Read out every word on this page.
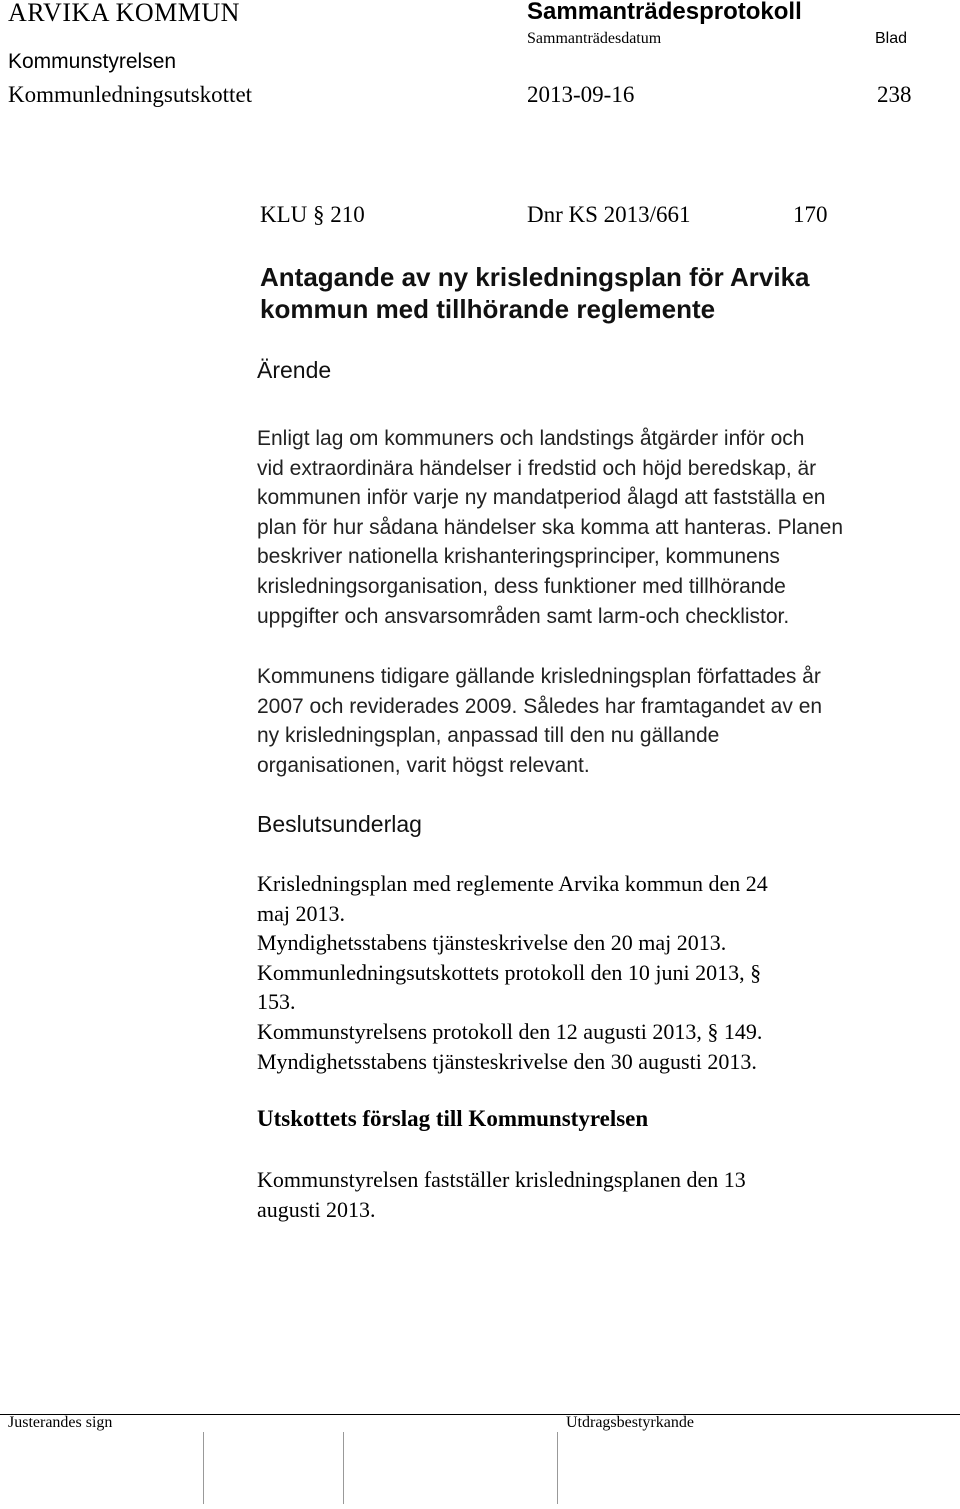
ARVIKA KOMMUN	Sammanträdesprotokoll
Sammanträdesdatum	Blad
Kommunstyrelsen
Kommunledningsutskottet	2013-09-16	238
KLU § 210	Dnr KS 2013/661	170
Antagande av ny krisledningsplan för Arvika
kommun med tillhörande reglemente
Ärende
Enligt lag om kommuners och landstings åtgärder inför och
vid extraordinära händelser i fredstid och höjd beredskap, är
kommunen inför varje ny mandatperiod ålagd att fastställa en
plan för hur sådana händelser ska komma att hanteras. Planen
beskriver nationella krishanteringsprinciper, kommunens
krisledningsorganisation, dess funktioner med tillhörande
uppgifter och ansvarsområden samt larm-och checklistor.
Kommunens tidigare gällande krisledningsplan författades år
2007 och reviderades 2009. Således har framtagandet av en
ny krisledningsplan, anpassad till den nu gällande
organisationen, varit högst relevant.
Beslutsunderlag
Krisledningsplan med reglemente Arvika kommun den 24
maj 2013.
Myndighetsstabens tjänsteskrivelse den 20 maj 2013.
Kommunledningsutskottets protokoll den 10 juni 2013, §
153.
Kommunstyrelsens protokoll den 12 augusti 2013, § 149.
Myndighetsstabens tjänsteskrivelse den 30 augusti 2013.
Utskottets förslag till Kommunstyrelsen
Kommunstyrelsen fastställer krisledningsplanen den 13
augusti 2013.
Justerandes sign	Utdragsbestyrkande
